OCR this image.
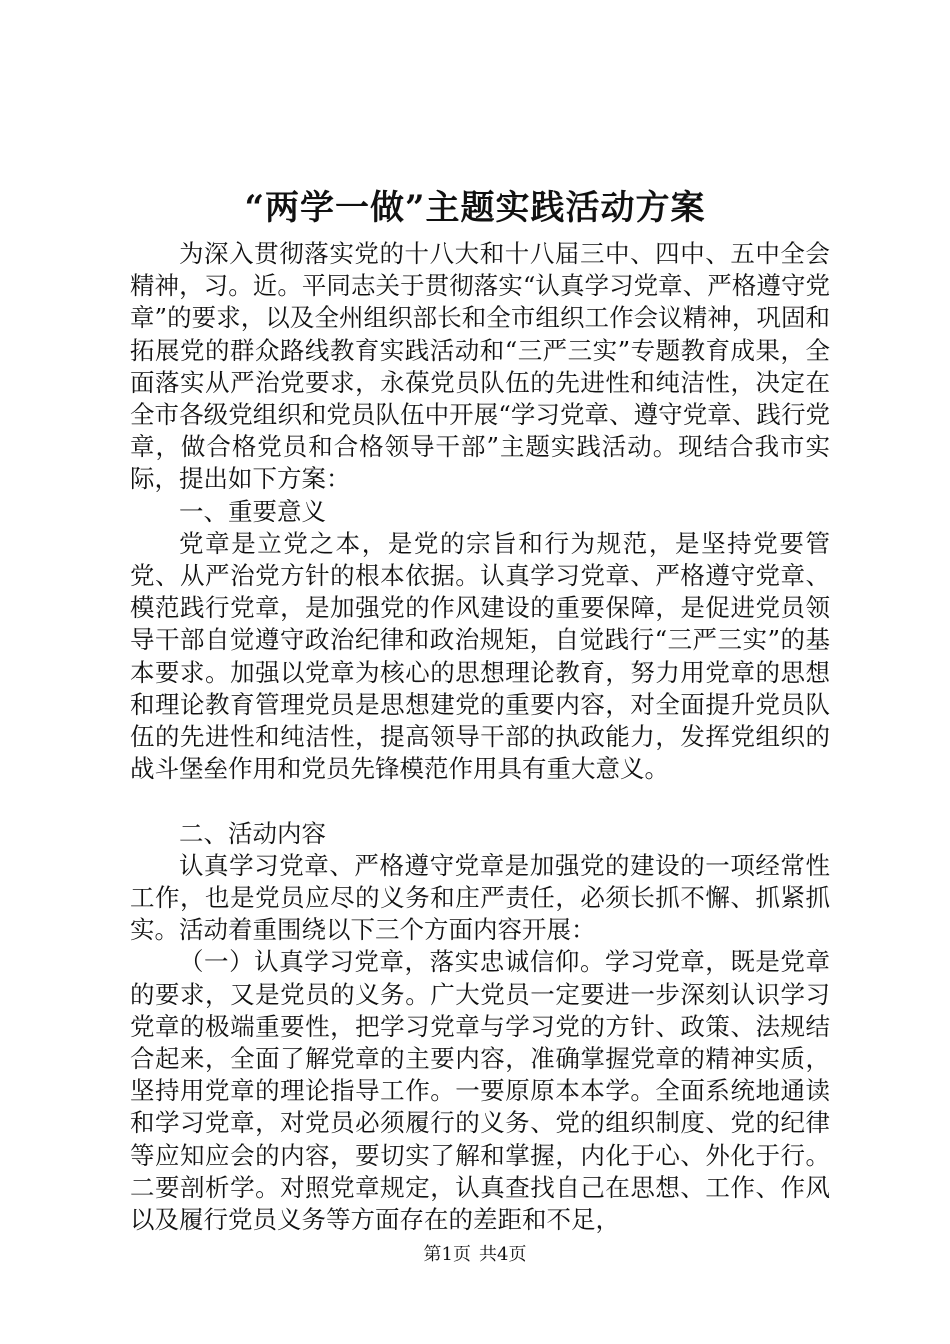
“两学一做”主题实践活动方案

为深入贯彻落实党的十八大和十八届三中、四中、五中全会精神，习。近。平同志关于贯彻落实“认真学习党章、严格遵守党章”的要求，以及全州组织部长和全市组织工作会议精神，巩固和拓展党的群众路线教育实践活动和“三严三实”专题教育成果，全面落实从严治党要求，永葆党员队伍的先进性和纯洁性，决定在全市各级党组织和党员队伍中开展“学习党章、遵守党章、践行党章，做合格党员和合格领导干部”主题实践活动。现结合我市实际，提出如下方案：

一、重要意义

党章是立党之本，是党的宗旨和行为规范，是坚持党要管党、从严治党方针的根本依据。认真学习党章、严格遵守党章、模范践行党章，是加强党的作风建设的重要保障，是促进党员领导干部自觉遵守政治纪律和政治规矩，自觉践行“三严三实”的基本要求。加强以党章为核心的思想理论教育，努力用党章的思想和理论教育管理党员是思想建党的重要内容，对全面提升党员队伍的先进性和纯洁性，提高领导干部的执政能力，发挥党组织的战斗堡垒作用和党员先锋模范作用具有重大意义。

二、活动内容

认真学习党章、严格遵守党章是加强党的建设的一项经常性工作，也是党员应尽的义务和庄严责任，必须长抓不懈、抓紧抓实。活动着重围绕以下三个方面内容开展：

（一）认真学习党章，落实忠诚信仰。学习党章，既是党章的要求，又是党员的义务。广大党员一定要进一步深刻认识学习党章的极端重要性，把学习党章与学习党的方针、政策、法规结合起来，全面了解党章的主要内容，准确掌握党章的精神实质，坚持用党章的理论指导工作。一要原原本本学。全面系统地通读和学习党章，对党员必须履行的义务、党的组织制度、党的纪律等应知应会的内容，要切实了解和掌握，内化于心、外化于行。二要剖析学。对照党章规定，认真查找自己在思想、工作、作风以及履行党员义务等方面存在的差距和不足，

第1页 共4页
